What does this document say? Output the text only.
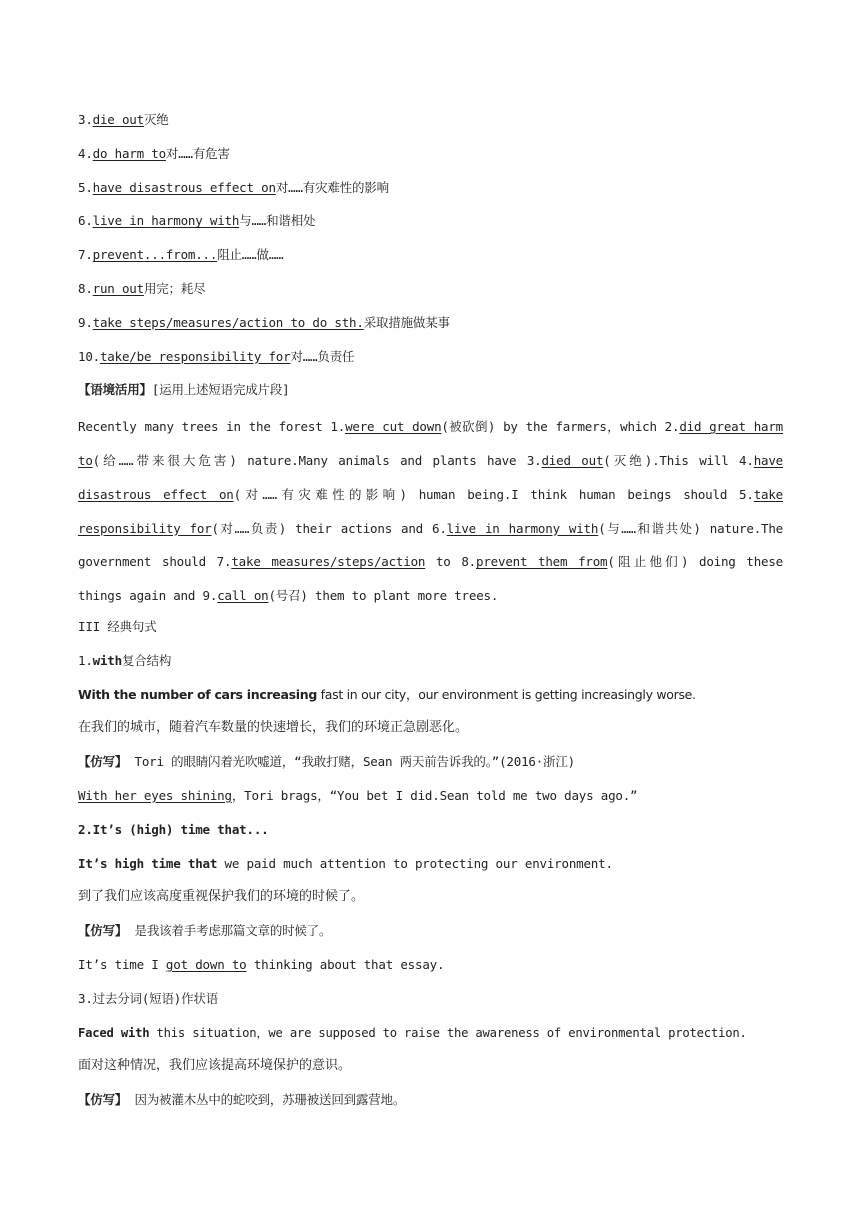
3.die out灭绝
4.do harm to对……有危害
5.have disastrous effect on对……有灾难性的影响
6.live in harmony with与……和谐相处
7.prevent...from...阻止……做……
8.run out用完；耗尽
9.take steps/measures/action to do sth.采取措施做某事
10.take/be responsibility for对……负责任
【语境活用】[运用上述短语完成片段]
Recently many trees in the forest 1.were cut down(被砍倒) by the farmers，which 2.did great harm to(给……带来很大危害) nature.Many animals and plants have 3.died out(灭绝).This will 4.have disastrous effect on(对……有灾难性的影响) human being.I think human beings should 5.take responsibility for(对……负责) their actions and 6.live in harmony with(与……和谐共处) nature.The government should 7.take measures/steps/action to 8.prevent them from(阻止他们) doing these things again and 9.call on(号召) them to plant more trees.
III 经典句式
1.with复合结构
With the number of cars increasing fast in our city，our environment is getting increasingly worse.
在我们的城市，随着汽车数量的快速增长，我们的环境正急剧恶化。
【仿写】 Tori 的眼睛闪着光吹嘘道，“我敢打赌，Sean 两天前告诉我的。”(2016·浙江)
With her eyes shining，Tori brags，“You bet I did.Sean told me two days ago.”
2.It’s (high) time that...
It’s high time that we paid much attention to protecting our environment.
到了我们应该高度重视保护我们的环境的时候了。
【仿写】 是我该着手考虑那篇文章的时候了。
It’s time I got down to thinking about that essay.
3.过去分词(短语)作状语
Faced with this situation，we are supposed to raise the awareness of environmental protection.
面对这种情况，我们应该提高环境保护的意识。
【仿写】 因为被灌木丛中的蛇咬到，苏珊被送回到露营地。
